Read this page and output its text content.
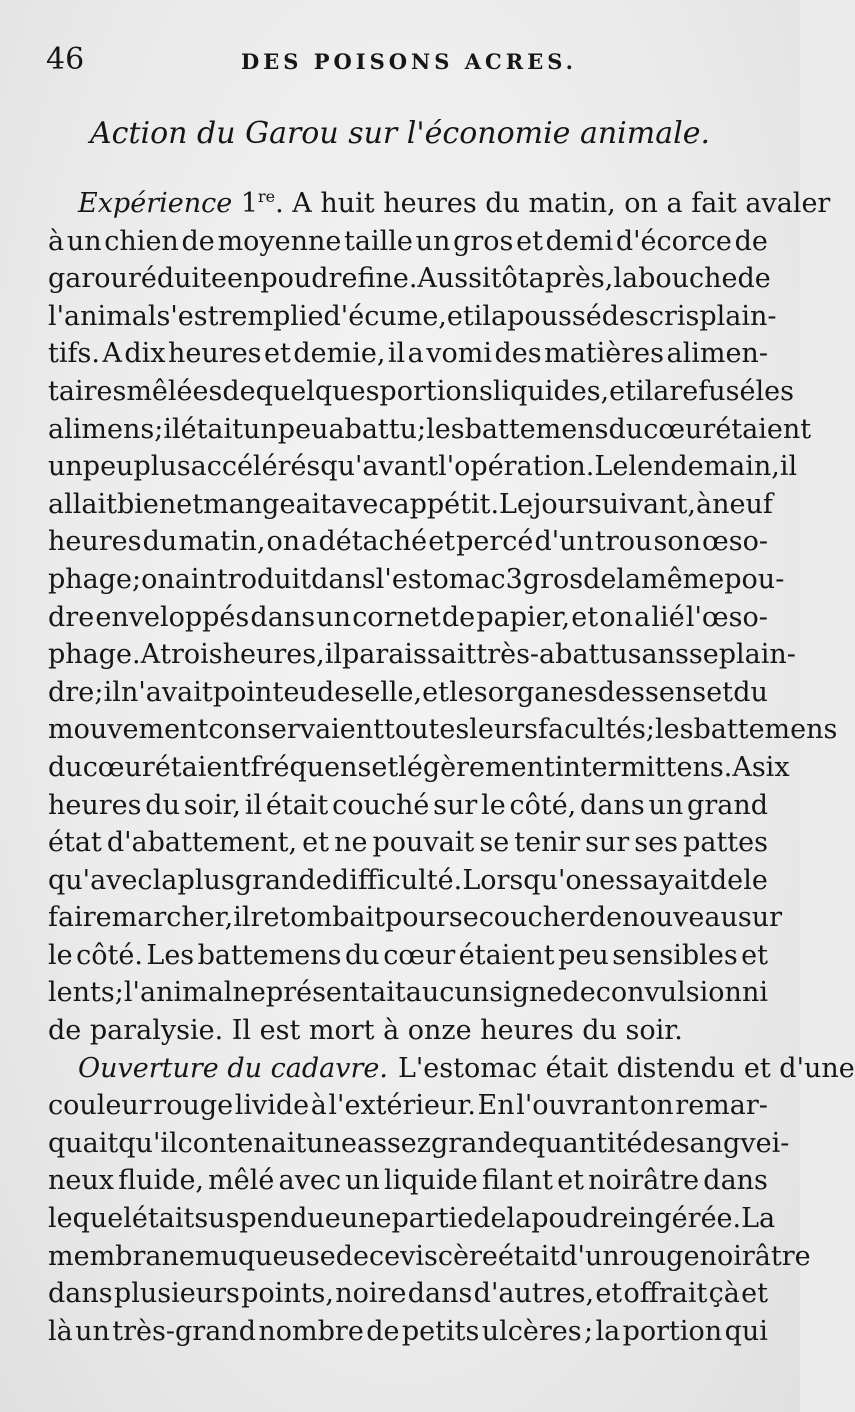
46	DES POISONS ACRES.
Action du Garou sur l'économie animale.
Expérience 1re. A huit heures du matin, on a fait avaler
à un chien de moyenne taille un gros et demi d'écorce de
garou réduite en poudre fine. Aussitôt après, la bouche de
l'animal s'est remplie d'écume, et il a poussé des cris plain-
tifs. A dix heures et demie, il a vomi des matières alimen-
taires mêlées de quelques portions liquides, et il a refusé les
alimens ; il était un peu abattu ; les battemens du cœur étaient
un peu plus accélérés qu'avant l'opération. Le lendemain, il
allait bien et mangeait avec appétit. Le jour suivant, à neuf
heures du matin, on a détaché et percé d'un trou son œso-
phage ; on a introduit dans l'estomac 3 gros de la même pou-
dre enveloppés dans un cornet de papier, et on a lié l'œso-
phage. A trois heures, il paraissait très-abattu sans se plain-
dre ; il n'avait point eu de selle, et les organes des sens et du
mouvement conservaient toutes leurs facultés ; les battemens
du cœur étaient fréquens et légèrement intermittens. A six
heures du soir, il était couché sur le côté, dans un grand
état d'abattement, et ne pouvait se tenir sur ses pattes
qu'avec la plus grande difficulté. Lorsqu'on essayait de le
faire marcher, il retombait pour se coucher de nouveau sur
le côté. Les battemens du cœur étaient peu sensibles et
lents ; l'animal ne présentait aucun signe de convulsion ni
de paralysie. Il est mort à onze heures du soir.
Ouverture du cadavre. L'estomac était distendu et d'une
couleur rouge livide à l'extérieur. En l'ouvrant on remar-
quait qu'il contenait une assez grande quantité de sang vei-
neux fluide, mêlé avec un liquide filant et noirâtre dans
lequel était suspendue une partie de la poudre ingérée. La
membrane muqueuse de ce viscère était d'un rouge noirâtre
dans plusieurs points, noire dans d'autres, et offrait çà et
là un très-grand nombre de petits ulcères ; la portion qui
